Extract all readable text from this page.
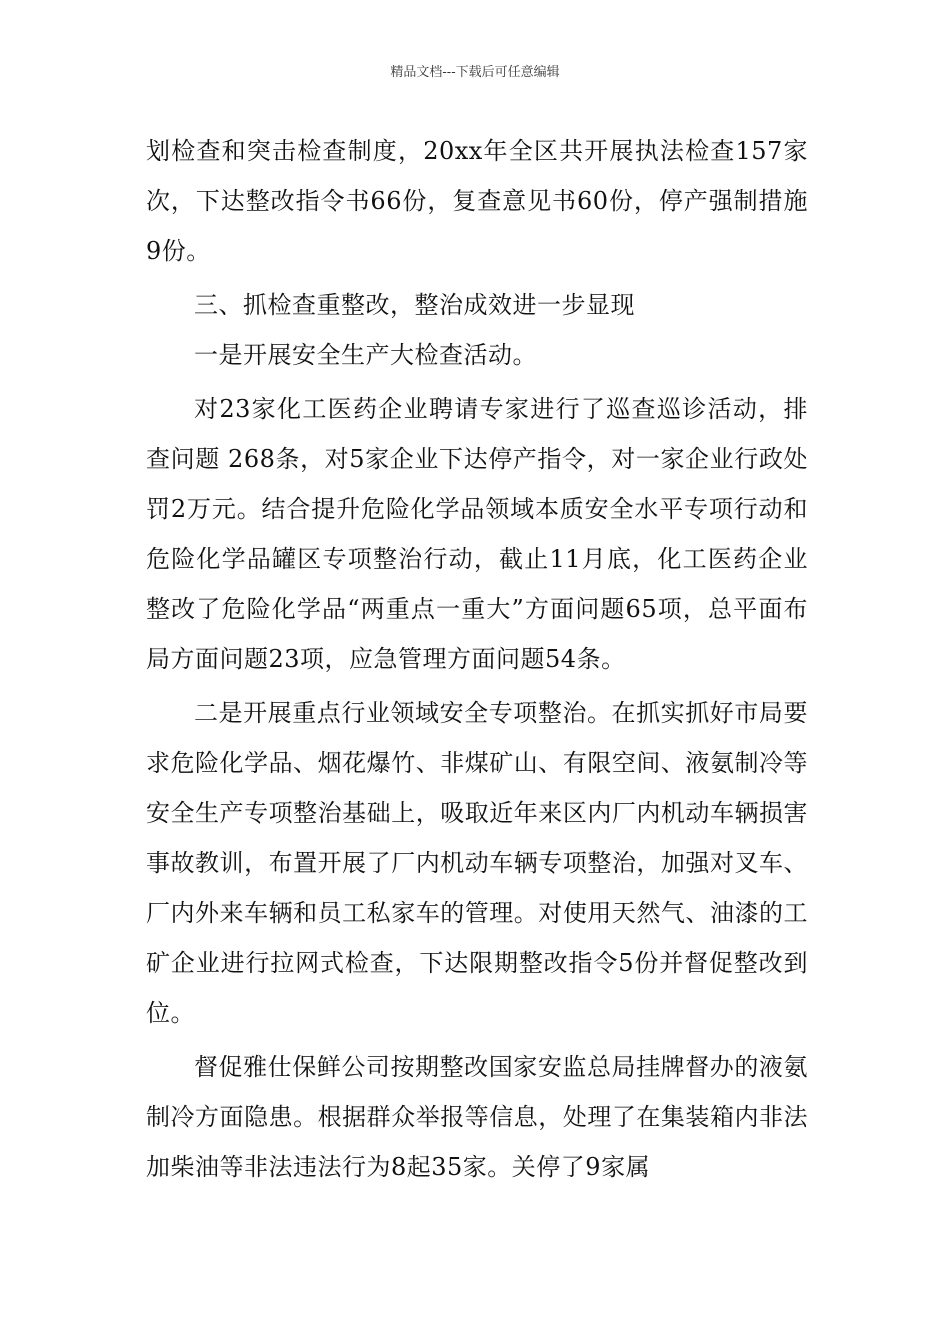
精品文档---下载后可任意编辑

划检查和突击检查制度，20xx年全区共开展执法检查157家次，下达整改指令书66份，复查意见书60份，停产强制措施9份。

三、抓检查重整改，整治成效进一步显现

一是开展安全生产大检查活动。

对23家化工医药企业聘请专家进行了巡查巡诊活动，排查问题 268条，对5家企业下达停产指令，对一家企业行政处罚2万元。结合提升危险化学品领域本质安全水平专项行动和危险化学品罐区专项整治行动，截止11月底，化工医药企业整改了危险化学品“两重点一重大”方面问题65项，总平面布局方面问题23项，应急管理方面问题54条。

二是开展重点行业领域安全专项整治。在抓实抓好市局要求危险化学品、烟花爆竹、非煤矿山、有限空间、液氨制冷等安全生产专项整治基础上，吸取近年来区内厂内机动车辆损害事故教训，布置开展了厂内机动车辆专项整治，加强对叉车、厂内外来车辆和员工私家车的管理。对使用天然气、油漆的工矿企业进行拉网式检查，下达限期整改指令5份并督促整改到位。

督促雅仕保鲜公司按期整改国家安监总局挂牌督办的液氨制冷方面隐患。根据群众举报等信息，处理了在集装箱内非法加柴油等非法违法行为8起35家。关停了9家属
